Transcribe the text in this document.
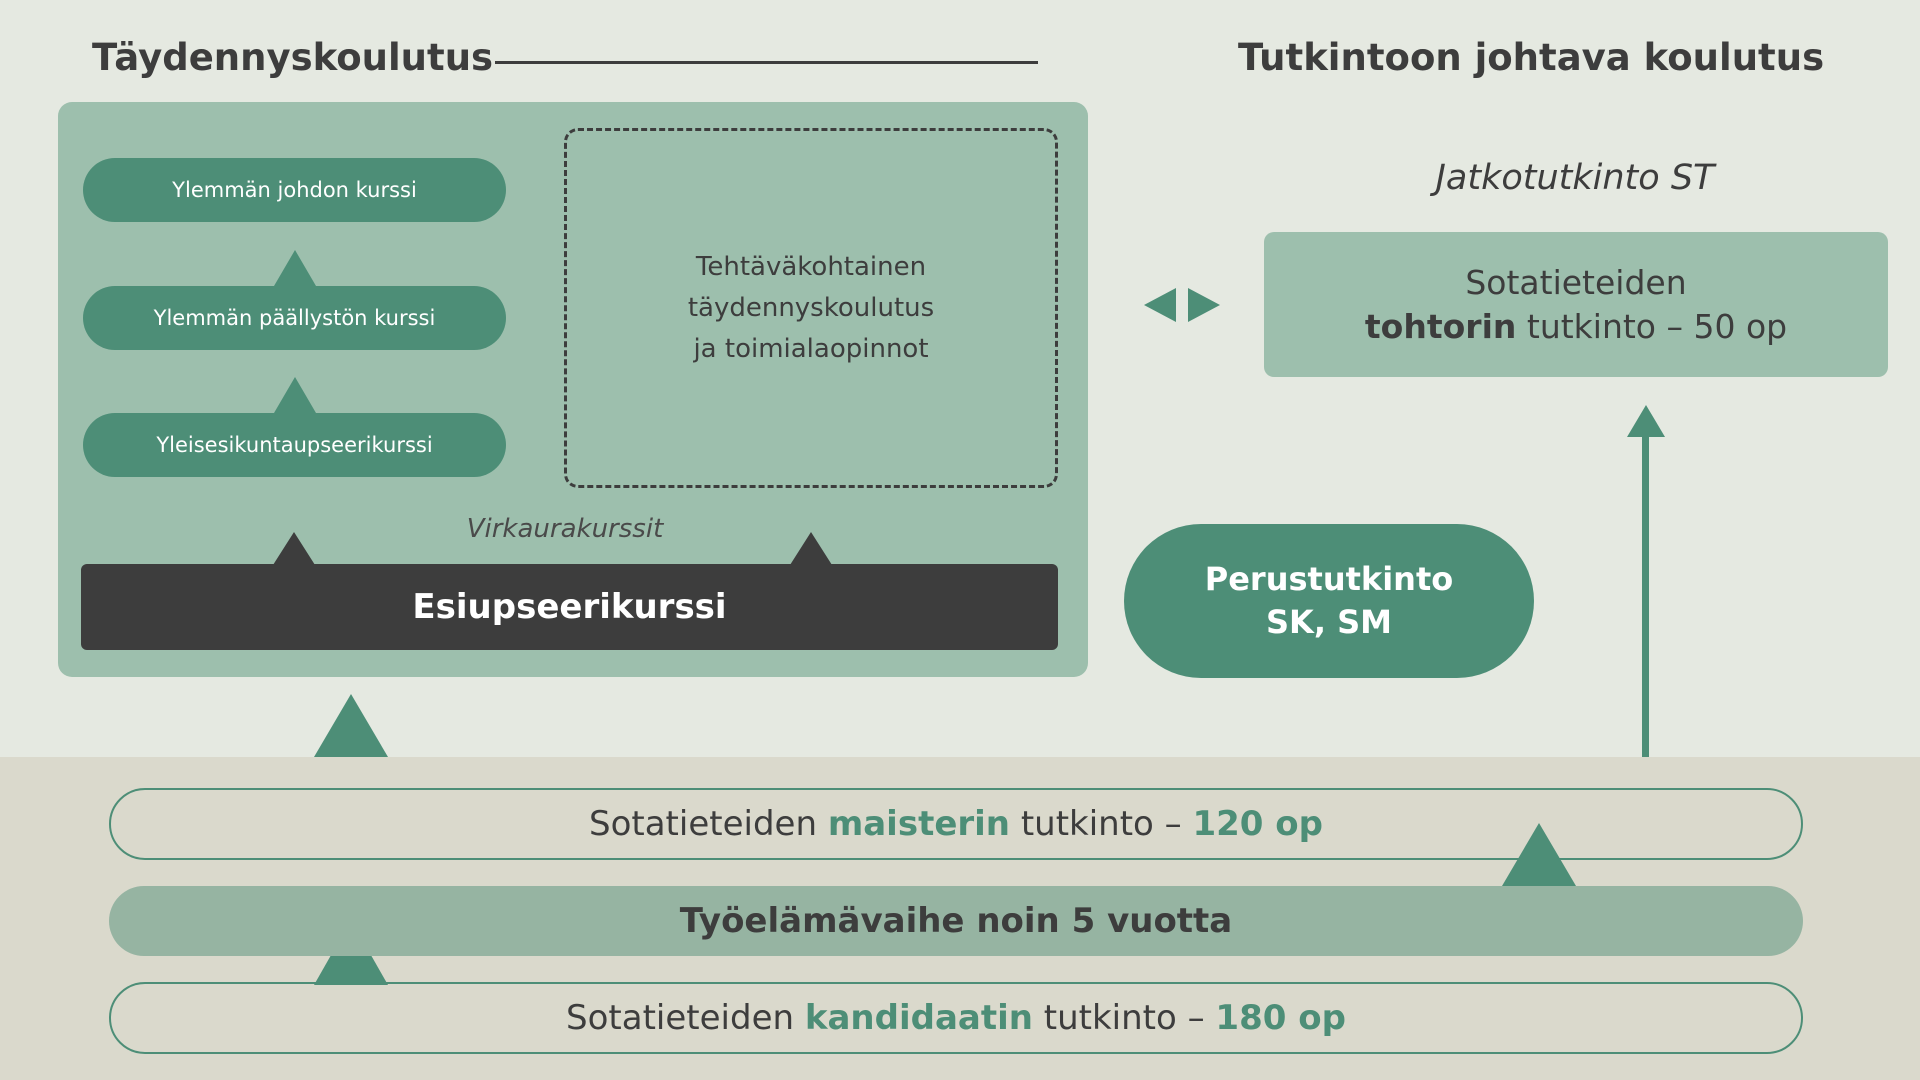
Täydennyskoulutus	Tutkintoon johtava koulutus
Ylemmän johdon kurssi
Ylemmän päällystön kurssi
Yleisesikuntaupseerikurssi
Tehtäväkohtainen
täydennyskoulutus
ja toimialaopinnot
Virkaurakurssit
Esiupseerikurssi
Jatkotutkinto ST
Sotatieteiden
tohtorin tutkinto – 50 op
Perustutkinto
SK, SM
Sotatieteiden
maisterin
tutkinto –
120 op
Työelämävaihe noin 5 vuotta
Sotatieteiden
kandidaatin
tutkinto –
180 op
